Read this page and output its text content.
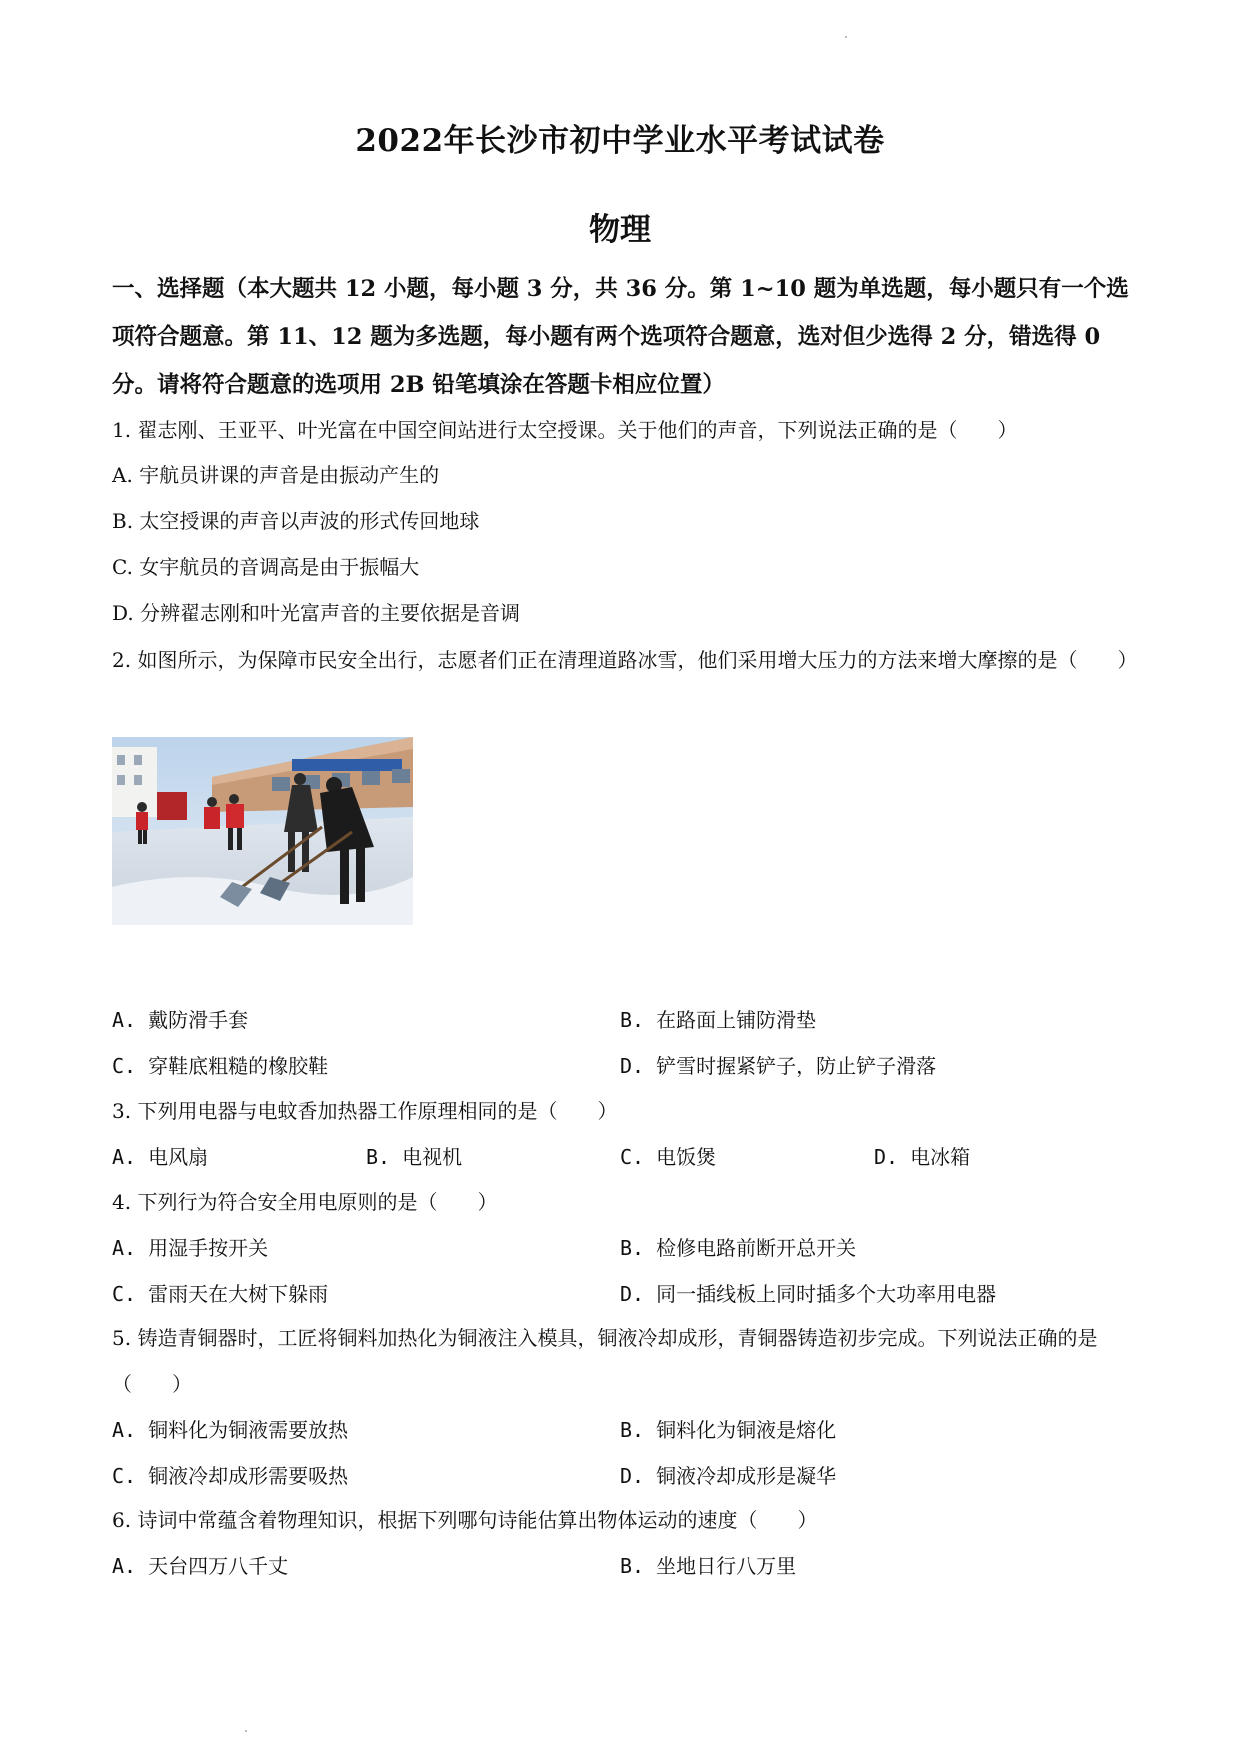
2022年长沙市初中学业水平考试试卷
物理
一、选择题（本大题共 12 小题，每小题 3 分，共 36 分。第 1~10 题为单选题，每小题只有一个选项符合题意。第 11、12 题为多选题，每小题有两个选项符合题意，选对但少选得 2 分，错选得 0 分。请将符合题意的选项用 2B 铅笔填涂在答题卡相应位置）
1. 翟志刚、王亚平、叶光富在中国空间站进行太空授课。关于他们的声音，下列说法正确的是（　　）
A. 宇航员讲课的声音是由振动产生的
B. 太空授课的声音以声波的形式传回地球
C. 女宇航员的音调高是由于振幅大
D. 分辨翟志刚和叶光富声音的主要依据是音调
2. 如图所示，为保障市民安全出行，志愿者们正在清理道路冰雪，他们采用增大压力的方法来增大摩擦的是（　　）
A. 戴防滑手套	B. 在路面上铺防滑垫
C. 穿鞋底粗糙的橡胶鞋	D. 铲雪时握紧铲子，防止铲子滑落
3. 下列用电器与电蚊香加热器工作原理相同的是（　　）
A. 电风扇	B. 电视机	C. 电饭煲	D. 电冰箱
4. 下列行为符合安全用电原则的是（　　）
A. 用湿手按开关	B. 检修电路前断开总开关
C. 雷雨天在大树下躲雨	D. 同一插线板上同时插多个大功率用电器
5. 铸造青铜器时，工匠将铜料加热化为铜液注入模具，铜液冷却成形，青铜器铸造初步完成。下列说法正确的是（　　）
A. 铜料化为铜液需要放热	B. 铜料化为铜液是熔化
C. 铜液冷却成形需要吸热	D. 铜液冷却成形是凝华
6. 诗词中常蕴含着物理知识，根据下列哪句诗能估算出物体运动的速度（　　）
A. 天台四万八千丈	B. 坐地日行八万里
